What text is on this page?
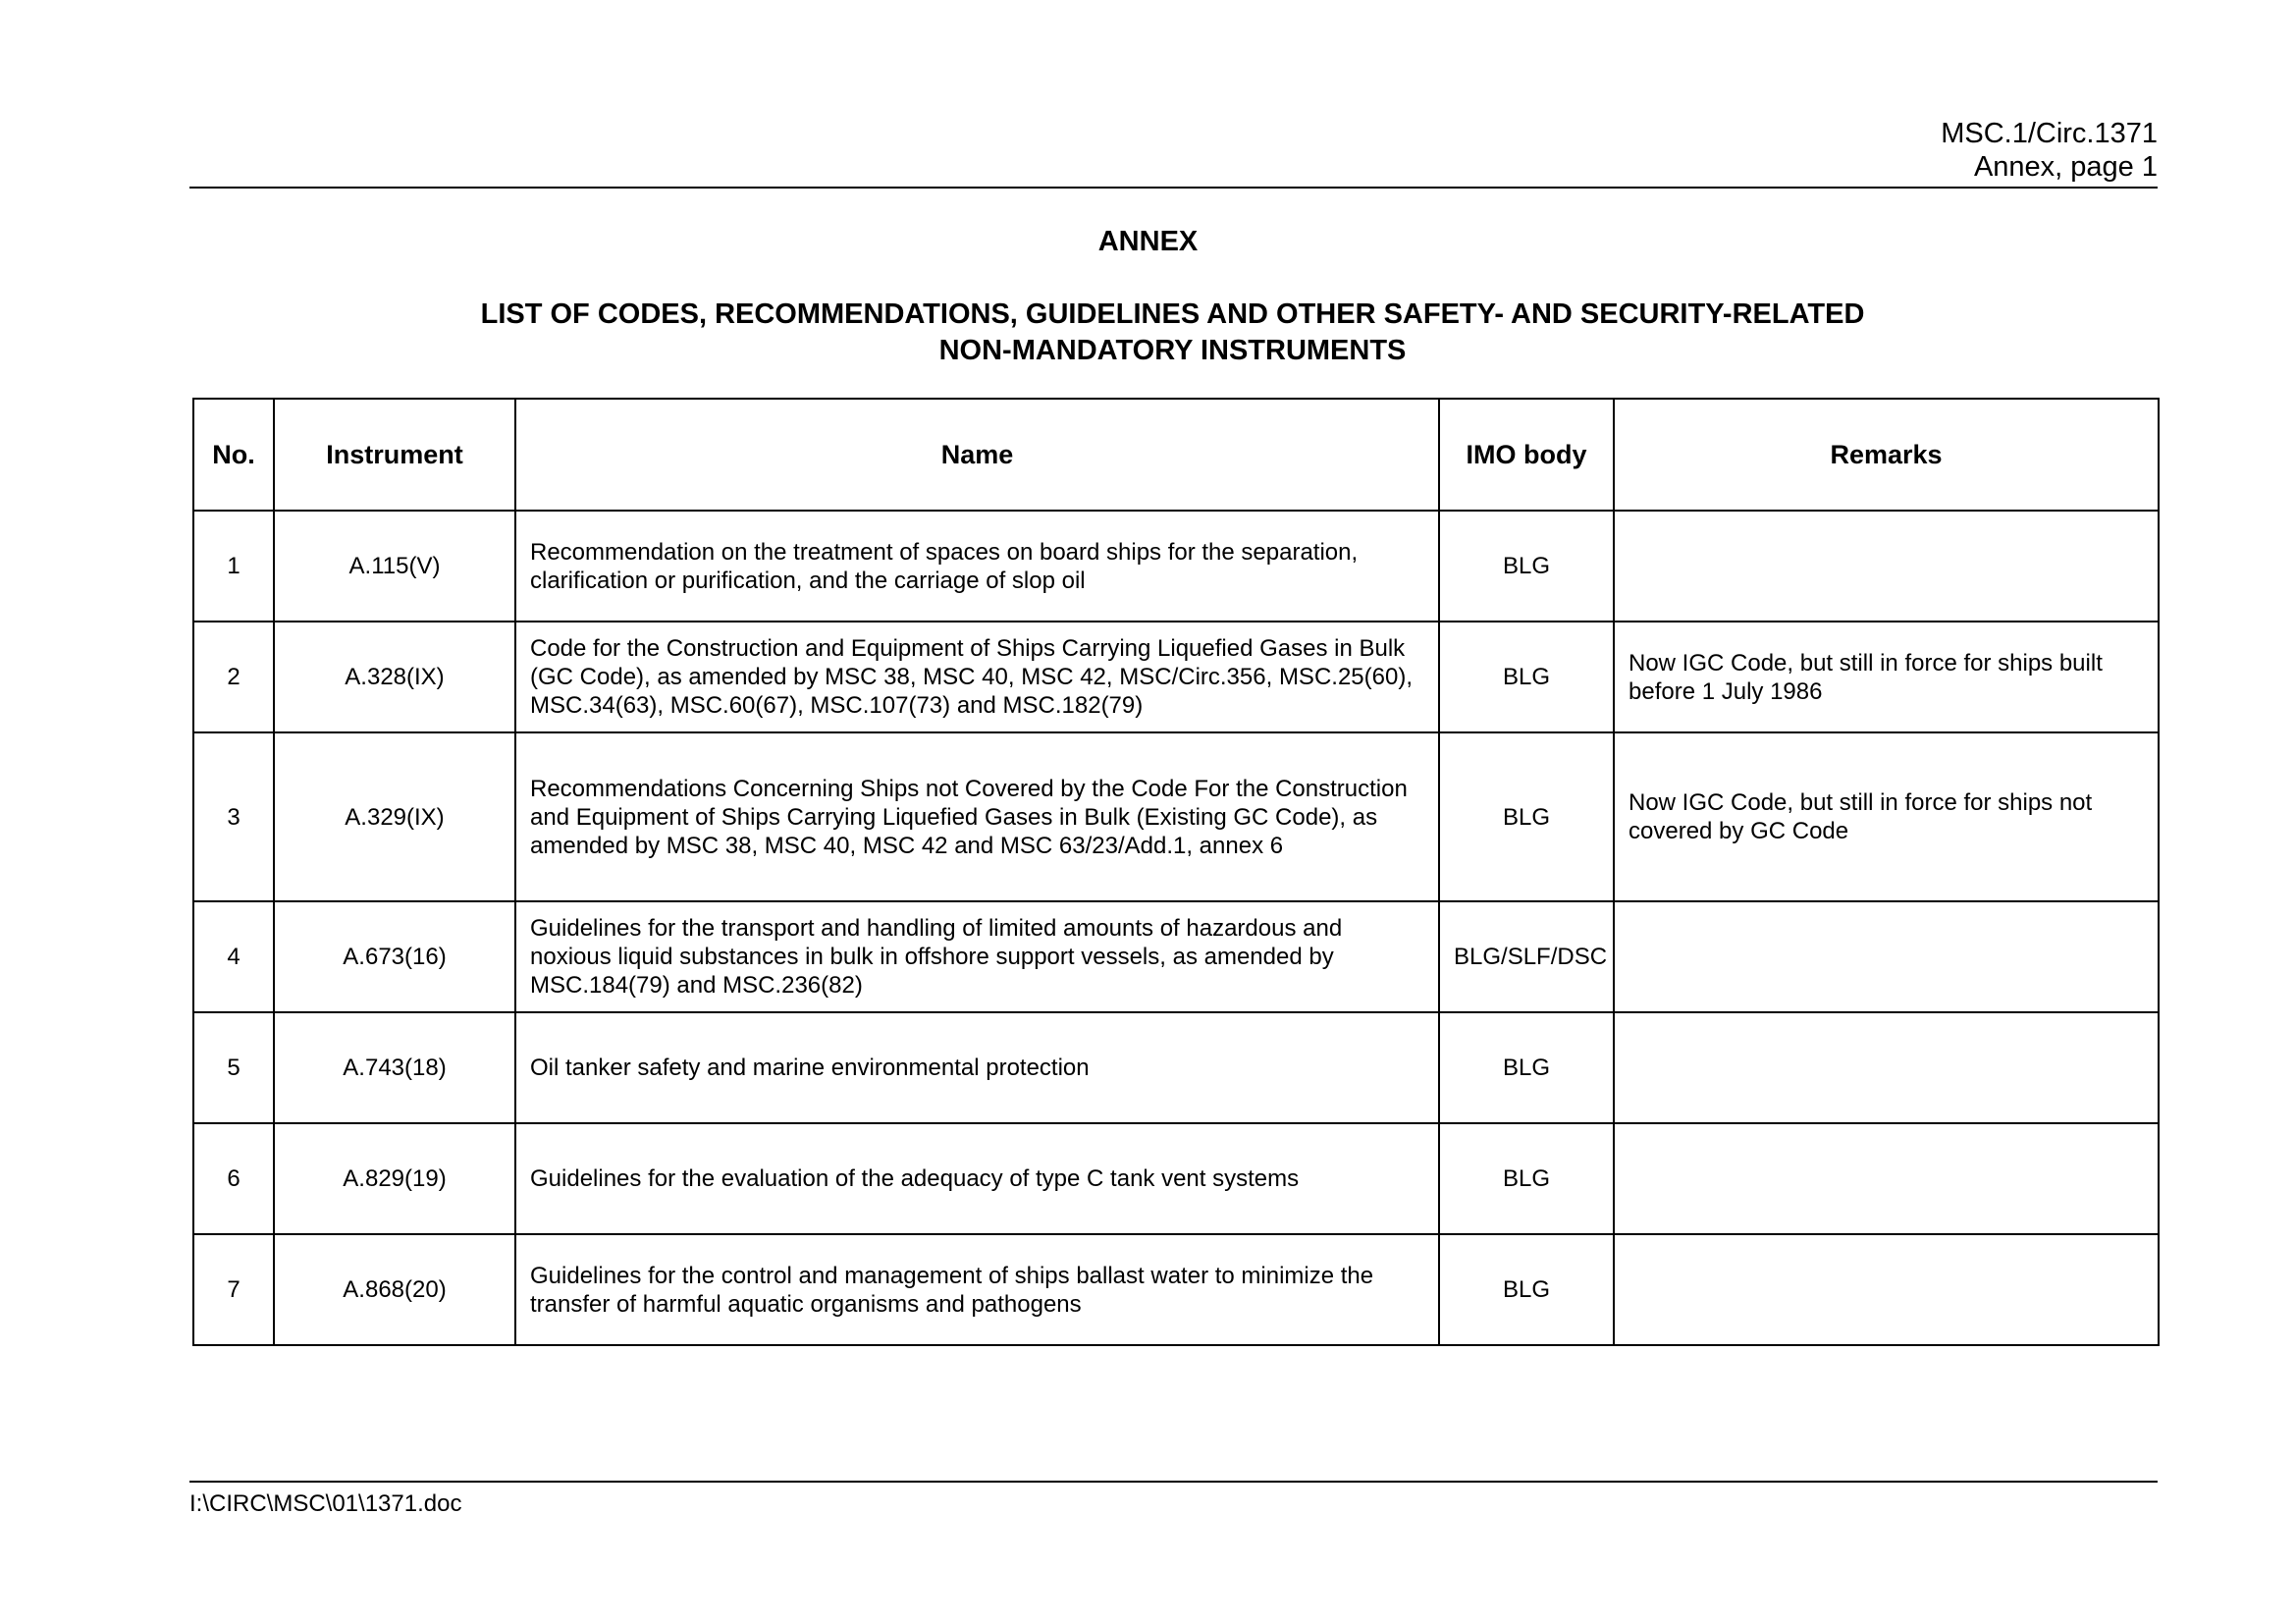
MSC.1/Circ.1371
Annex, page 1
ANNEX
LIST OF CODES, RECOMMENDATIONS, GUIDELINES AND OTHER SAFETY- AND SECURITY-RELATED
NON-MANDATORY INSTRUMENTS
No.	Instrument	Name	IMO body	Remarks
1	A.115(V)	Recommendation on the treatment of spaces on board ships for the separation, clarification or purification, and the carriage of slop oil	BLG	
2	A.328(IX)	Code for the Construction and Equipment of Ships Carrying Liquefied Gases in Bulk (GC Code), as amended by MSC 38, MSC 40, MSC 42, MSC/Circ.356, MSC.25(60), MSC.34(63), MSC.60(67), MSC.107(73) and MSC.182(79)	BLG	Now IGC Code, but still in force for ships built before 1 July 1986
3	A.329(IX)	Recommendations Concerning Ships not Covered by the Code For the Construction and Equipment of Ships Carrying Liquefied Gases in Bulk (Existing GC Code), as amended by MSC 38, MSC 40, MSC 42 and MSC 63/23/Add.1, annex 6	BLG	Now IGC Code, but still in force for ships not covered by GC Code
4	A.673(16)	Guidelines for the transport and handling of limited amounts of hazardous and noxious liquid substances in bulk in offshore support vessels, as amended by MSC.184(79) and MSC.236(82)	BLG/SLF/DSC	
5	A.743(18)	Oil tanker safety and marine environmental protection	BLG	
6	A.829(19)	Guidelines for the evaluation of the adequacy of type C tank vent systems	BLG	
7	A.868(20)	Guidelines for the control and management of ships ballast water to minimize the transfer of harmful aquatic organisms and pathogens	BLG	
I:\CIRC\MSC\01\1371.doc
